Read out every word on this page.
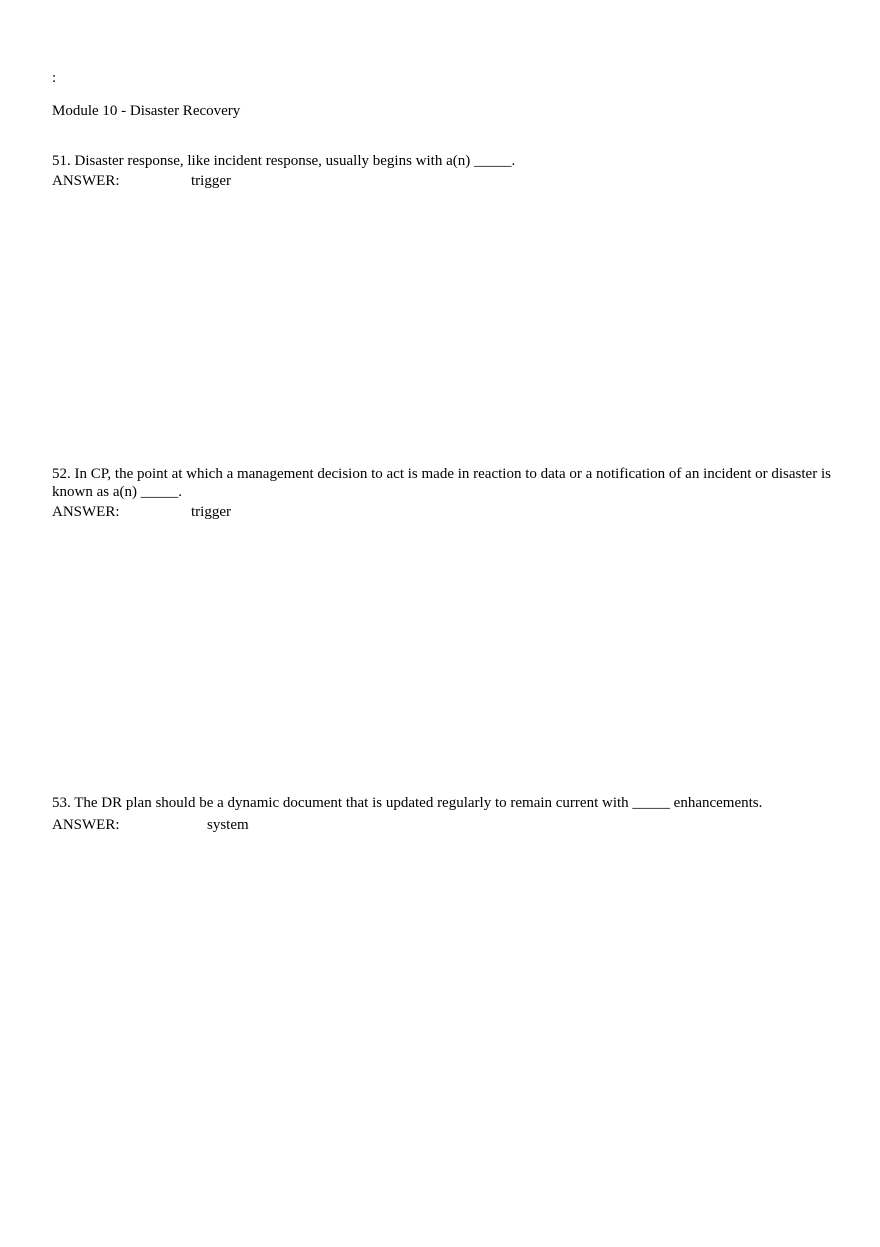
:
Module 10 - Disaster Recovery

51. Disaster response, like incident response, usually begins with a(n) _____.

ANSWER:	trigger

52. In CP, the point at which a management decision to act is made in reaction to data or a notification of an incident or disaster is known as a(n) _____.

ANSWER:	trigger

53. The DR plan should be a dynamic document that is updated regularly to remain current with _____ enhancements.

ANSWER:	system
